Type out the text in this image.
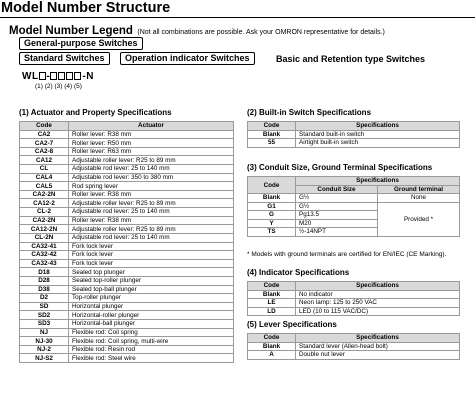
Model Number Structure
Model Number Legend (Not all combinations are possible. Ask your OMRON representative for details.)
General-purpose Switches
Standard Switches	Operation indicator Switches	Basic and Retention type Switches
WL -	-N
(1) (2) (3) (4) (5)
(1) Actuator and Property Specifications
Code	Actuator
CA2	Roller lever: R38 mm
CA2-7	Roller lever: R50 mm
CA2-8	Roller lever: R63 mm
CA12	Adjustable roller lever: R25 to 89 mm
CL	Adjustable rod lever: 25 to 140 mm
CAL4	Adjustable rod lever: 350 to 380 mm
CAL5	Rod spring lever
CA2-2N	Roller lever: R38 mm
CA12-2	Adjustable roller lever: R25 to 89 mm
CL-2	Adjustable rod lever: 25 to 140 mm
CA2-2N	Roller lever: R38 mm
CA12-2N	Adjustable roller lever: R25 to 89 mm
CL-2N	Adjustable rod lever: 25 to 140 mm
CA32-41	Fork lock lever
CA32-42	Fork lock lever
CA32-43	Fork lock lever
D18	Sealed top plunger
D28	Sealed top-roller plunger
D38	Sealed top-ball plunger
D2	Top-roller plunger
SD	Horizontal plunger
SD2	Horizontal-roller plunger
SD3	Horizontal-ball plunger
NJ	Flexible rod: Coil spring
NJ-30	Flexible rod: Coil spring, multi-wire
NJ-2	Flexible rod: Resin rod
NJ-S2	Flexible rod: Steel wire
(2) Built-in Switch Specifications
Code	Specifications
Blank	Standard built-in switch
55	Airtight built-in switch
(3) Conduit Size, Ground Terminal Specifications
Code	Specifications	
	Conduit Size	Ground terminal
Blank	G½	None
G1	G½	Provided *
G	Pg13.5	
Y	M20	
TS	½-14NPT	
* Models with ground terminals are certified for EN/IEC (CE Marking).
(4) Indicator Specifications
Code	Specifications
Blank	No indicator
LE	Neon lamp: 125 to 250 VAC
LD	LED (10 to 115 VAC/DC)
(5) Lever Specifications
Code	Specifications
Blank	Standard lever (Allen-head bolt)
A	Double nut lever
